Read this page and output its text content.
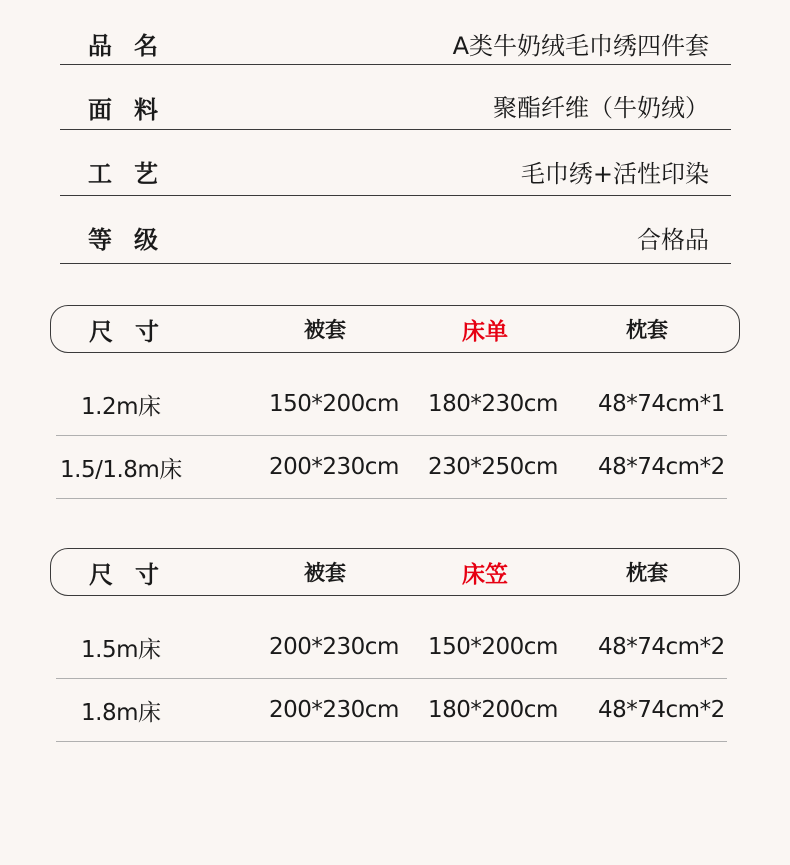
品名	A类牛奶绒毛巾绣四件套
面料	聚酯纤维（牛奶绒）
工艺	毛巾绣+活性印染
等级	合格品
尺寸	被套	床单	枕套
1.2m床	150*200cm 180*230cm 48*74cm*1
1.5/1.8m床	200*230cm 230*250cm 48*74cm*2
尺寸	被套	床笠	枕套
1.5m床	200*230cm 150*200cm 48*74cm*2
1.8m床	200*230cm 180*200cm 48*74cm*2
